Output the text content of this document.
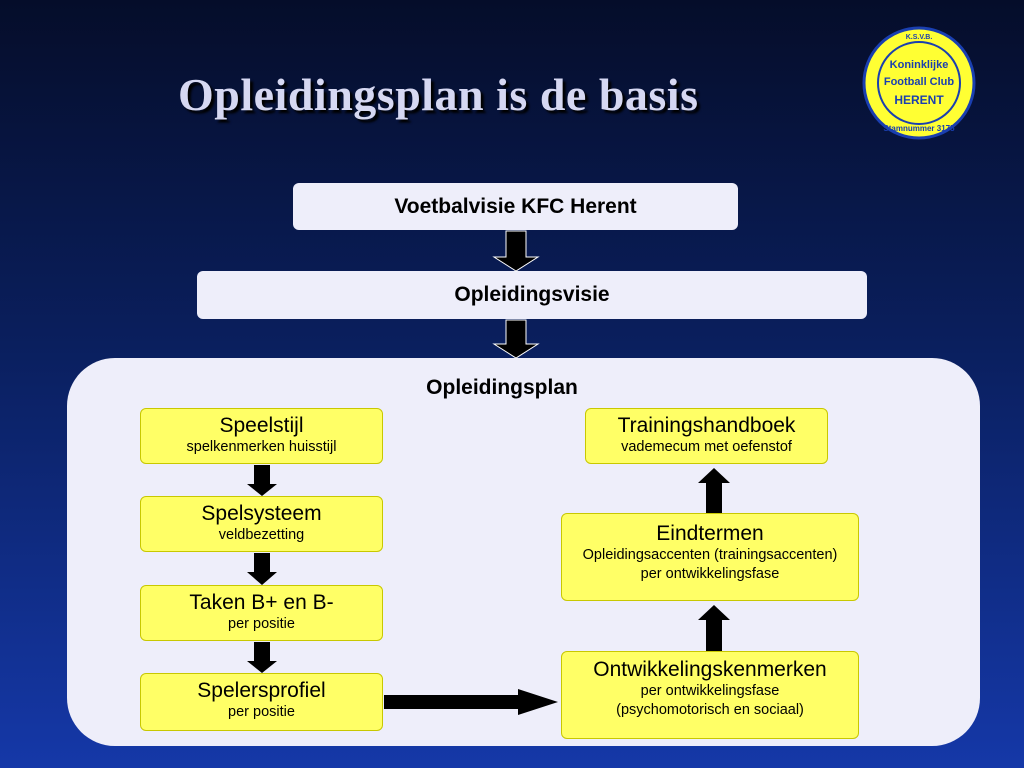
Opleidingsplan is de basis
K.S.V.B.
Koninklijke
Football Club
HERENT
Stamnummer 3175
Voetbalvisie KFC Herent
Opleidingsvisie
Opleidingsplan
Speelstijl
spelkenmerken huisstijl
Spelsysteem
veldbezetting
Taken B+ en B-
per positie
Spelersprofiel
per positie
Trainingshandboek
vademecum met oefenstof
Eindtermen
Opleidingsaccenten (trainingsaccenten)
per ontwikkelingsfase
Ontwikkelingskenmerken
per ontwikkelingsfase
(psychomotorisch en sociaal)
